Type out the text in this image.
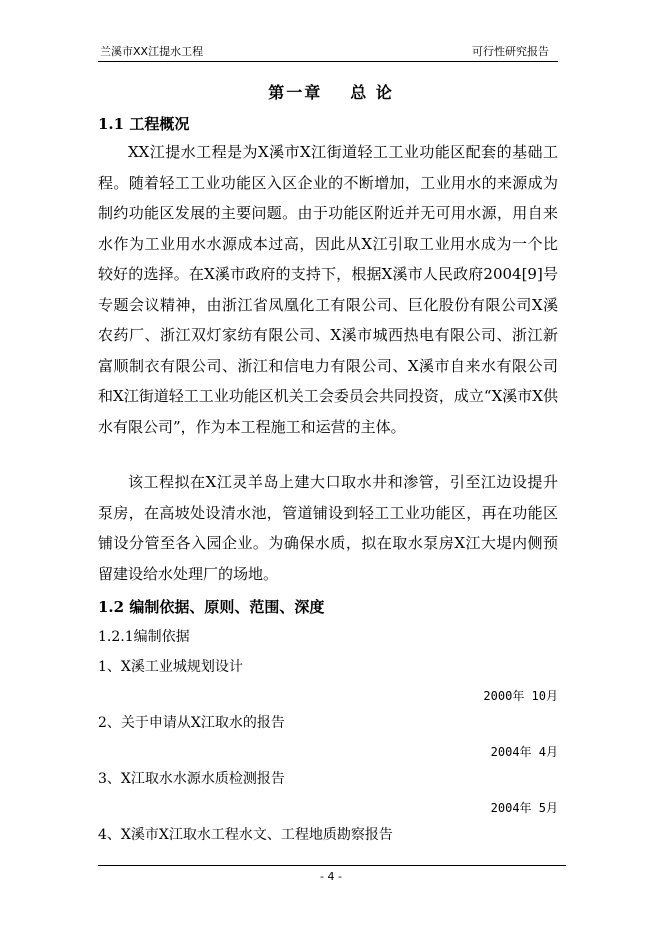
兰溪市XX江提水工程	可行性研究报告
第一章 总 论
1.1 工程概况
XX江提水工程是为X溪市X江街道轻工工业功能区配套的基础工程。随着轻工工业功能区入区企业的不断增加，工业用水的来源成为制约功能区发展的主要问题。由于功能区附近并无可用水源，用自来水作为工业用水水源成本过高，因此从X江引取工业用水成为一个比较好的选择。在X溪市政府的支持下，根据X溪市人民政府2004[9]号专题会议精神，由浙江省凤凰化工有限公司、巨化股份有限公司X溪农药厂、浙江双灯家纺有限公司、X溪市城西热电有限公司、浙江新富顺制衣有限公司、浙江和信电力有限公司、X溪市自来水有限公司和X江街道轻工工业功能区机关工会委员会共同投资，成立“X溪市X供水有限公司”，作为本工程施工和运营的主体。
该工程拟在X江灵羊岛上建大口取水井和渗管，引至江边设提升泵房，在高坡处设清水池，管道铺设到轻工工业功能区，再在功能区铺设分管至各入园企业。为确保水质，拟在取水泵房X江大堤内侧预留建设给水处理厂的场地。
1.2 编制依据、原则、范围、深度
1.2.1编制依据
1、X溪工业城规划设计
2000年 10月
2、关于申请从X江取水的报告
2004年 4月
3、X江取水水源水质检测报告
2004年 5月
4、X溪市X江取水工程水文、工程地质勘察报告
- 4 -
